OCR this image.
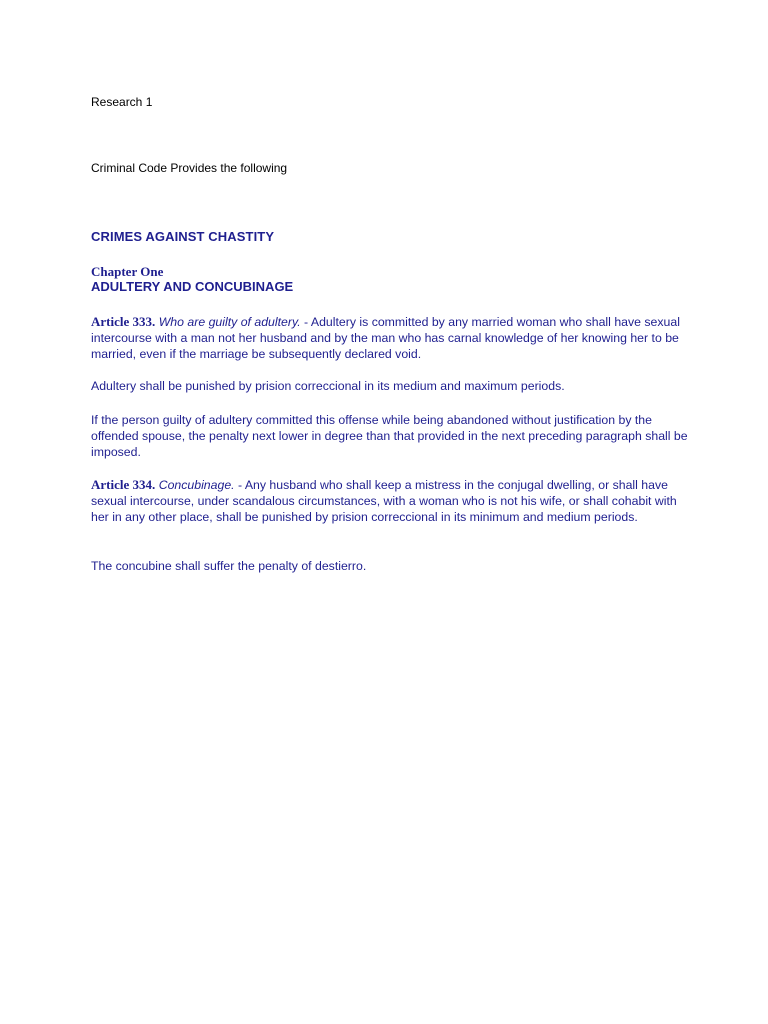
Research 1

Criminal Code Provides the following

CRIMES AGAINST CHASTITY

Chapter One

ADULTERY AND CONCUBINAGE

Article 333. Who are guilty of adultery. - Adultery is committed by any married woman who shall have sexual intercourse with a man not her husband and by the man who has carnal knowledge of her knowing her to be married, even if the marriage be subsequently declared void.

Adultery shall be punished by prision correccional in its medium and maximum periods.

If the person guilty of adultery committed this offense while being abandoned without justification by the offended spouse, the penalty next lower in degree than that provided in the next preceding paragraph shall be imposed.

Article 334. Concubinage. - Any husband who shall keep a mistress in the conjugal dwelling, or shall have sexual intercourse, under scandalous circumstances, with a woman who is not his wife, or shall cohabit with her in any other place, shall be punished by prision correccional in its minimum and medium periods.

The concubine shall suffer the penalty of destierro.
